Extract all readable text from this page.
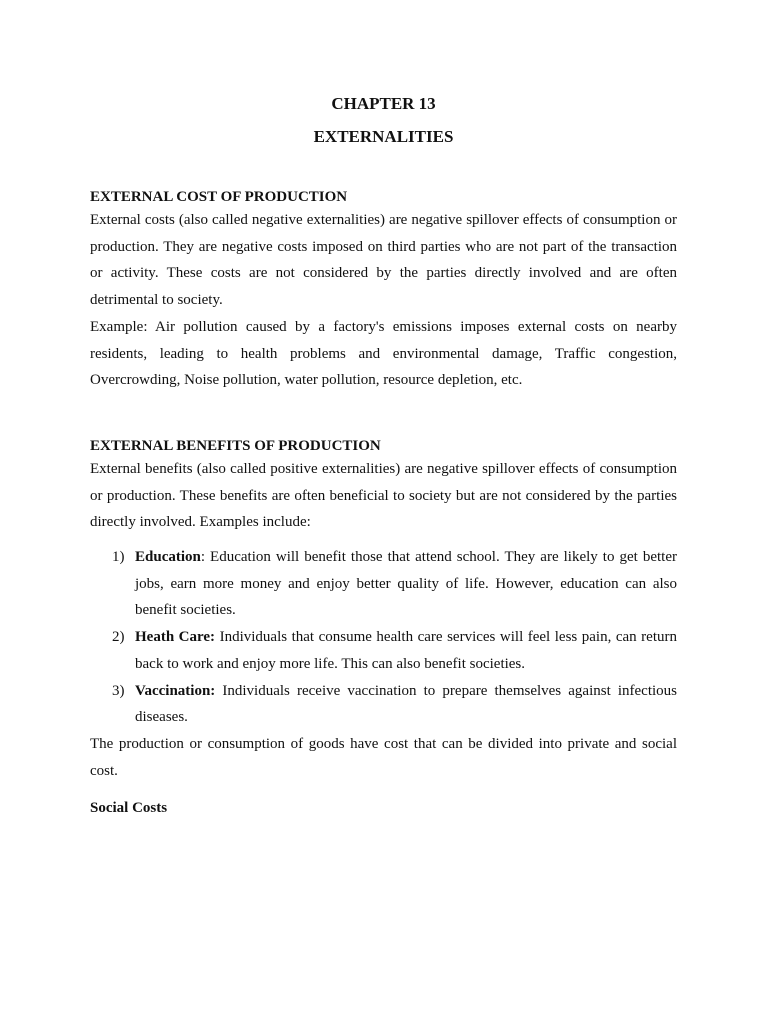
CHAPTER 13
EXTERNALITIES
EXTERNAL COST OF PRODUCTION

External costs (also called negative externalities) are negative spillover effects of consumption or production. They are negative costs imposed on third parties who are not part of the transaction or activity. These costs are not considered by the parties directly involved and are often detrimental to society.

Example: Air pollution caused by a factory's emissions imposes external costs on nearby residents, leading to health problems and environmental damage, Traffic congestion, Overcrowding, Noise pollution, water pollution, resource depletion, etc.

EXTERNAL BENEFITS OF PRODUCTION

External benefits (also called positive externalities) are negative spillover effects of consumption or production. These benefits are often beneficial to society but are not considered by the parties directly involved. Examples include:

1) Education: Education will benefit those that attend school. They are likely to get better jobs, earn more money and enjoy better quality of life. However, education can also benefit societies.
2) Heath Care: Individuals that consume health care services will feel less pain, can return back to work and enjoy more life. This can also benefit societies.
3) Vaccination: Individuals receive vaccination to prepare themselves against infectious diseases.

The production or consumption of goods have cost that can be divided into private and social cost.

Social Costs
